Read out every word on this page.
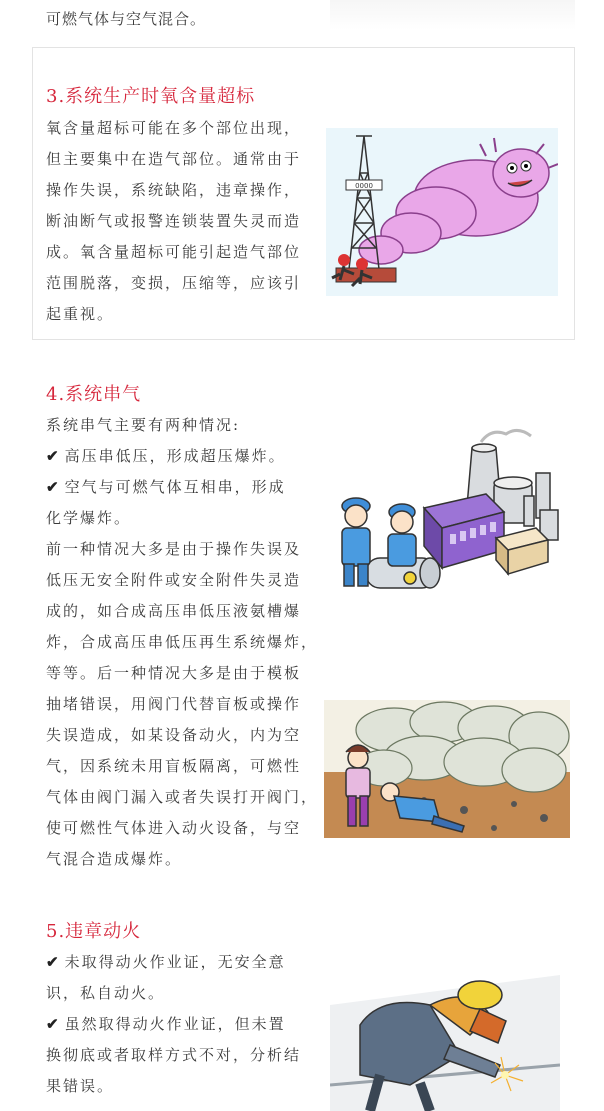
可燃气体与空气混合。
3.系统生产时氧含量超标
氧含量超标可能在多个部位出现，
但主要集中在造气部位。通常由于
操作失误，系统缺陷，违章操作，
断油断气或报警连锁装置失灵而造
成。氧含量超标可能引起造气部位
范围脱落，变损，压缩等，应该引
起重视。
0000
4.系统串气
系统串气主要有两种情况:
✔ 高压串低压，形成超压爆炸。
✔ 空气与可燃气体互相串，形成
化学爆炸。
前一种情况大多是由于操作失误及
低压无安全附件或安全附件失灵造
成的，如合成高压串低压液氨槽爆
炸，合成高压串低压再生系统爆炸，
等等。后一种情况大多是由于模板
抽堵错误，用阀门代替盲板或操作
失误造成，如某设备动火，内为空
气，因系统未用盲板隔离，可燃性
气体由阀门漏入或者失误打开阀门，
使可燃性气体进入动火设备，与空
气混合造成爆炸。
5.违章动火
✔ 未取得动火作业证，无安全意
识，私自动火。
✔ 虽然取得动火作业证，但未置
换彻底或者取样方式不对，分析结
果错误。
